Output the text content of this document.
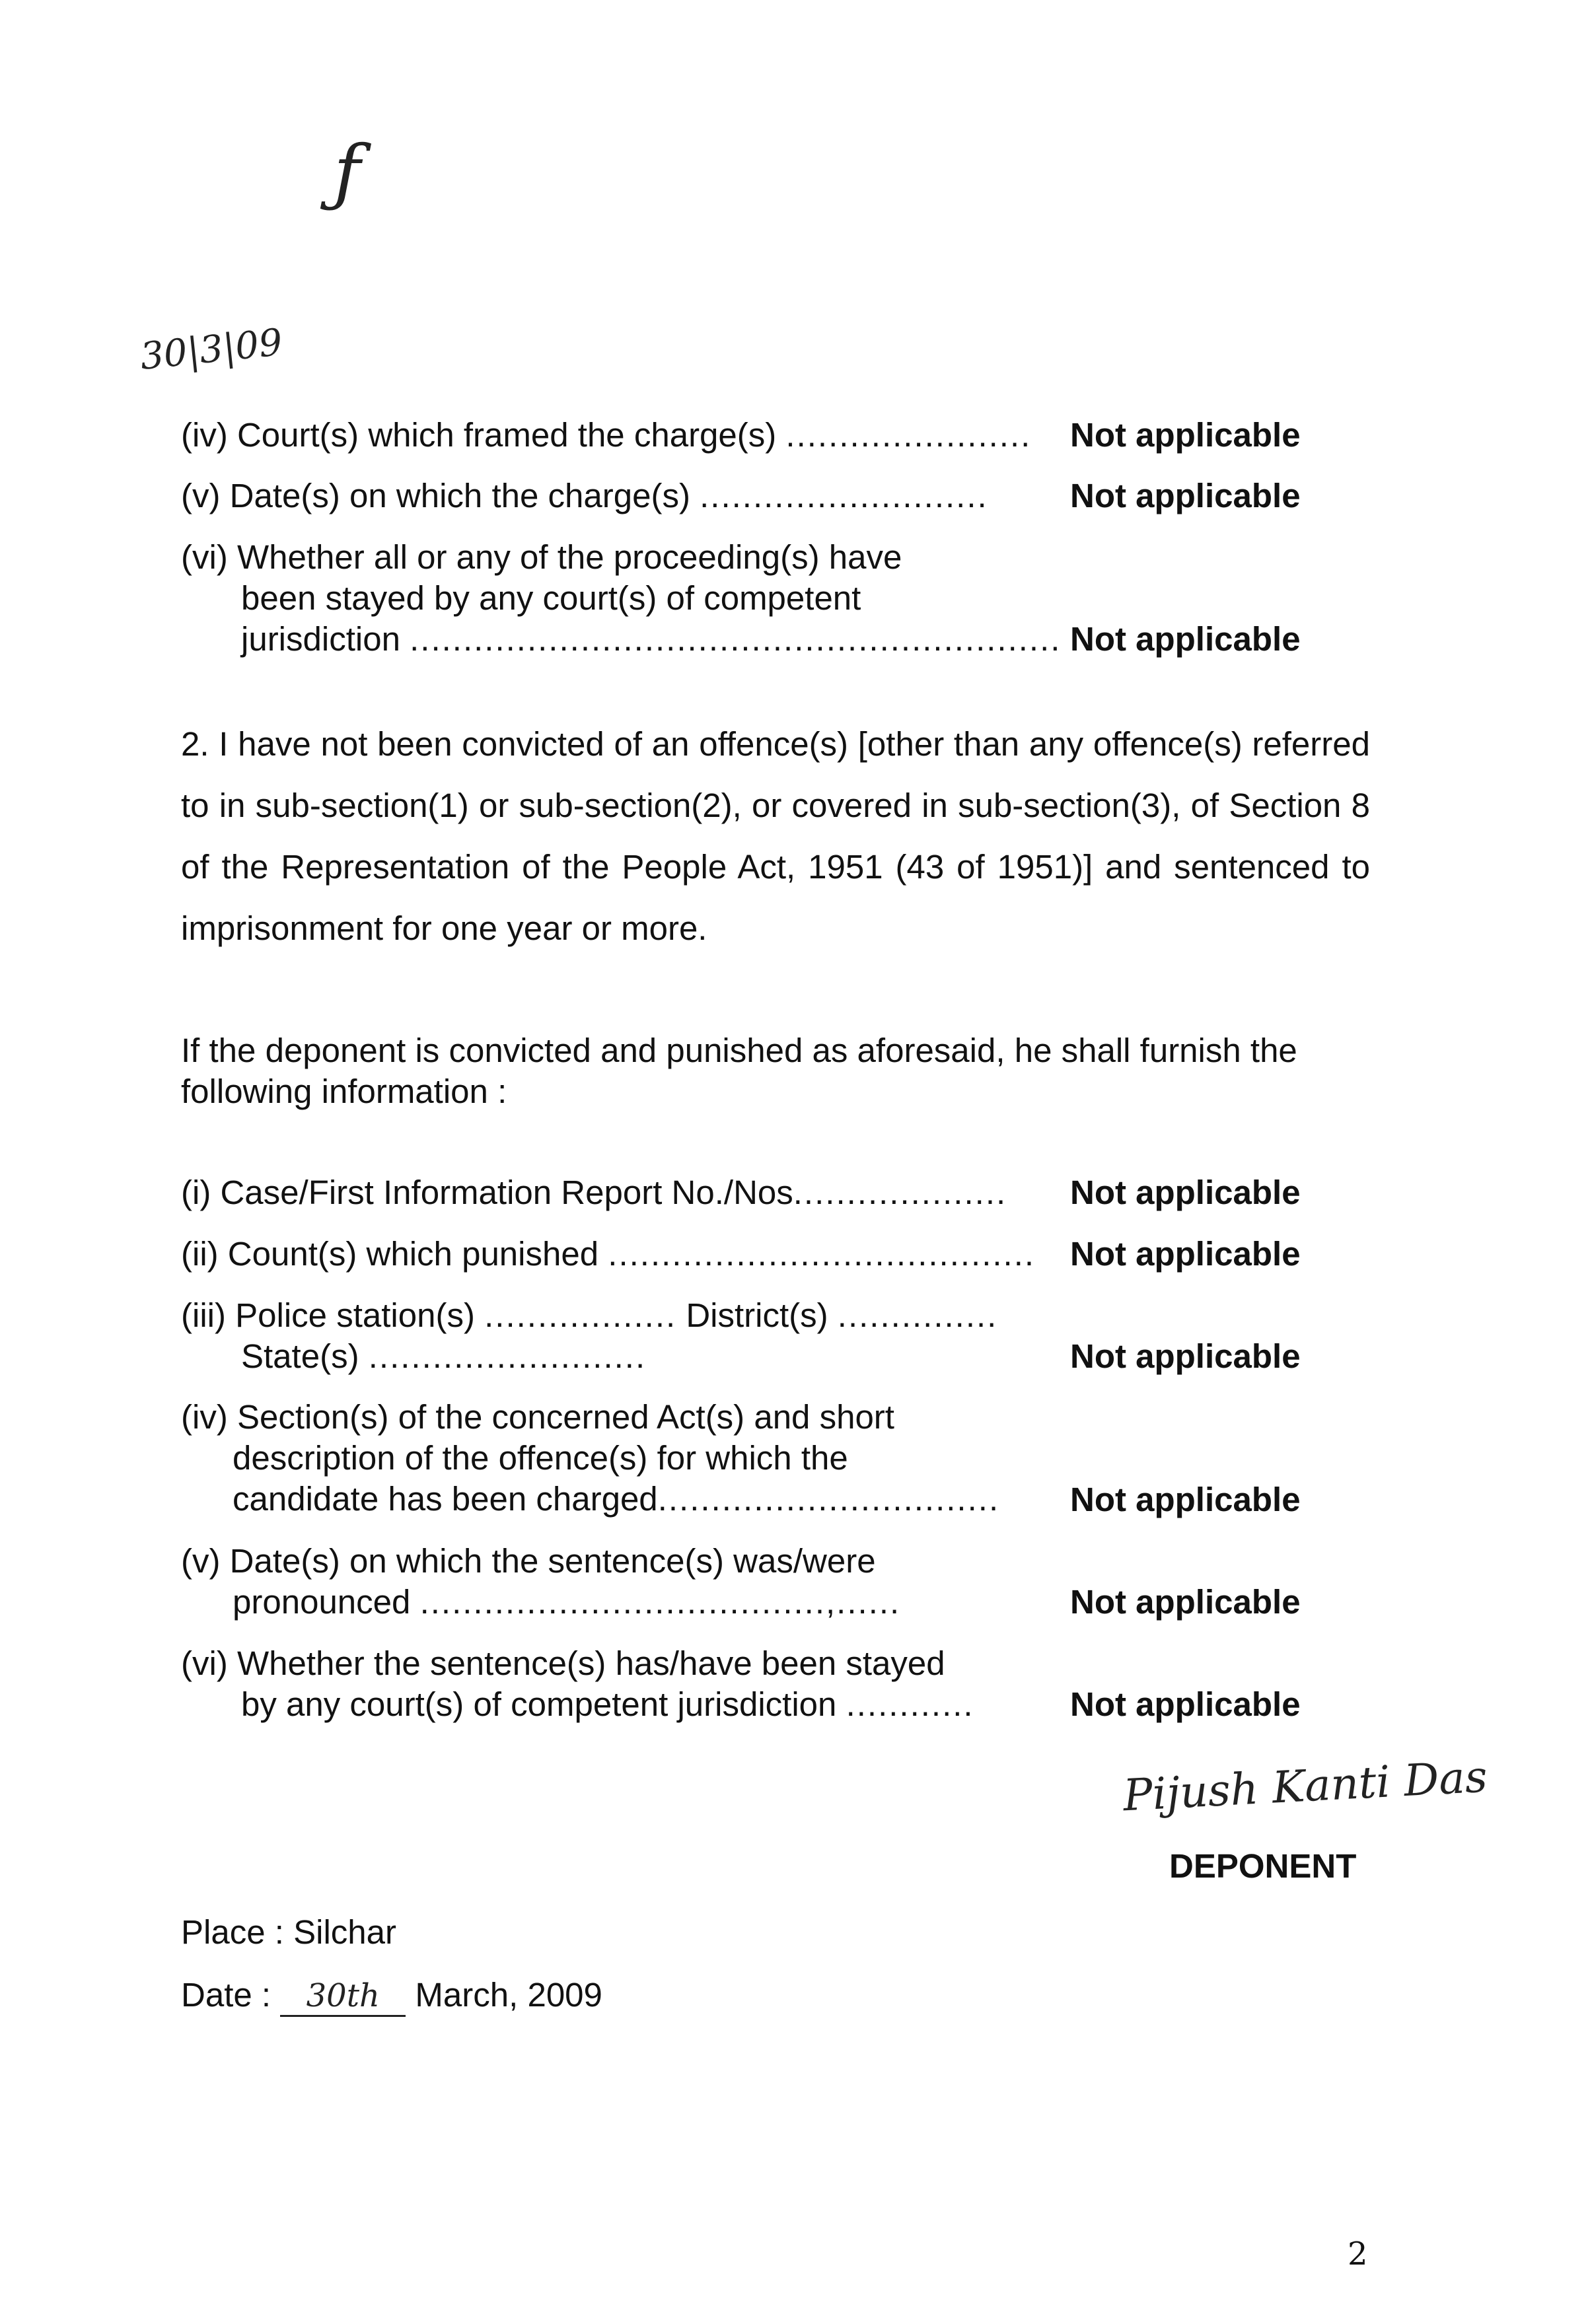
ƒ
30|3|09
(iv) Court(s) which framed the charge(s) ....................... Not applicable
(v) Date(s) on which the charge(s) ...........................	Not applicable
(vi) Whether all or any of the proceeding(s) have
been stayed by any court(s) of competent
jurisdiction ............................................................. Not applicable
2. I have not been convicted of an offence(s) [other than any offence(s) referred to in sub-section(1) or sub-section(2), or covered in sub-section(3), of Section 8 of the Representation of the People Act, 1951 (43 of 1951)] and sentenced to imprisonment for one year or more.
If the deponent is convicted and punished as aforesaid, he shall furnish the following information :
(i) Case/First Information Report No./Nos....................	Not applicable
(ii) Count(s) which punished ........................................ Not applicable
(iii) Police station(s) .................. District(s) ...............
State(s) ..........................	Not applicable
(iv) Section(s) of the concerned Act(s) and short
description of the offence(s) for which the
candidate has been charged................................	Not applicable
(v) Date(s) on which the sentence(s) was/were
pronounced ......................................,......	Not applicable
(vi) Whether the sentence(s) has/have been stayed
by any court(s) of competent jurisdiction ............	Not applicable
Pijush Kanti Das
DEPONENT
Place : Silchar
Date : 30th March, 2009
2
